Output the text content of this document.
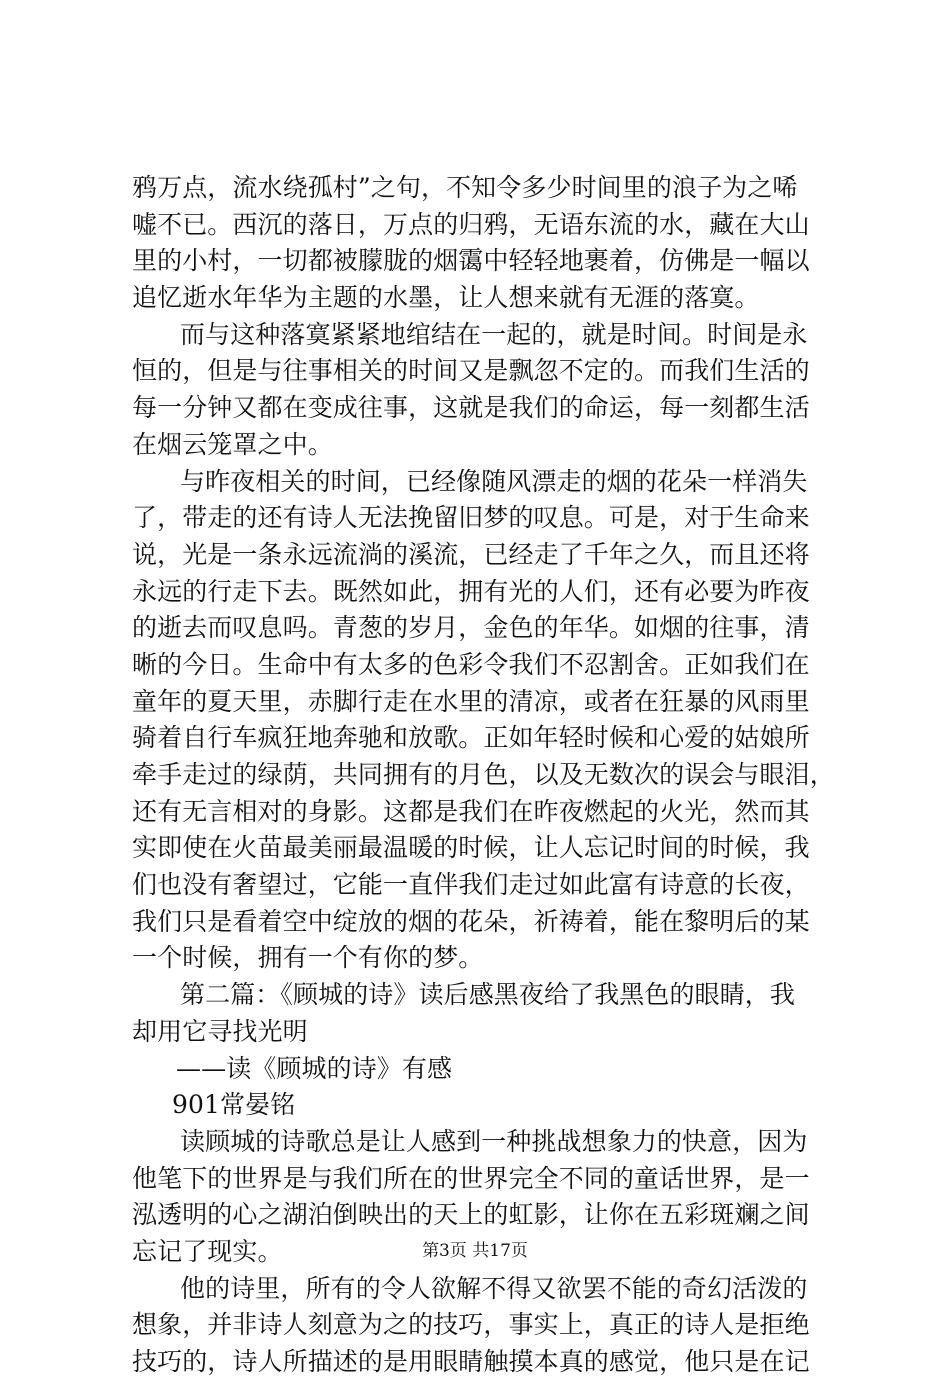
鸦万点，流水绕孤村”之句，不知令多少时间里的浪子为之唏
嘘不已。西沉的落日，万点的归鸦，无语东流的水，藏在大山
里的小村，一切都被朦胧的烟霭中轻轻地裹着，仿佛是一幅以
追忆逝水年华为主题的水墨，让人想来就有无涯的落寞。
而与这种落寞紧紧地绾结在一起的，就是时间。时间是永
恒的，但是与往事相关的时间又是飘忽不定的。而我们生活的
每一分钟又都在变成往事，这就是我们的命运，每一刻都生活
在烟云笼罩之中。
与昨夜相关的时间，已经像随风漂走的烟的花朵一样消失
了，带走的还有诗人无法挽留旧梦的叹息。可是，对于生命来
说，光是一条永远流淌的溪流，已经走了千年之久，而且还将
永远的行走下去。既然如此，拥有光的人们，还有必要为昨夜
的逝去而叹息吗。青葱的岁月，金色的年华。如烟的往事，清
晰的今日。生命中有太多的色彩令我们不忍割舍。正如我们在
童年的夏天里，赤脚行走在水里的清凉，或者在狂暴的风雨里
骑着自行车疯狂地奔驰和放歌。正如年轻时候和心爱的姑娘所
牵手走过的绿荫，共同拥有的月色，以及无数次的误会与眼泪，
还有无言相对的身影。这都是我们在昨夜燃起的火光，然而其
实即使在火苗最美丽最温暖的时候，让人忘记时间的时候，我
们也没有奢望过，它能一直伴我们走过如此富有诗意的长夜，
我们只是看着空中绽放的烟的花朵，祈祷着，能在黎明后的某
一个时候，拥有一个有你的梦。
第二篇：《顾城的诗》读后感黑夜给了我黑色的眼睛，我
却用它寻找光明
——读《顾城的诗》有感
901常晏铭
读顾城的诗歌总是让人感到一种挑战想象力的快意，因为
他笔下的世界是与我们所在的世界完全不同的童话世界，是一
泓透明的心之湖泊倒映出的天上的虹影，让你在五彩斑斓之间
忘记了现实。
他的诗里，所有的令人欲解不得又欲罢不能的奇幻活泼的
想象，并非诗人刻意为之的技巧，事实上，真正的诗人是拒绝
技巧的，诗人所描述的是用眼睛触摸本真的感觉，他只是在记
第3页 共17页
